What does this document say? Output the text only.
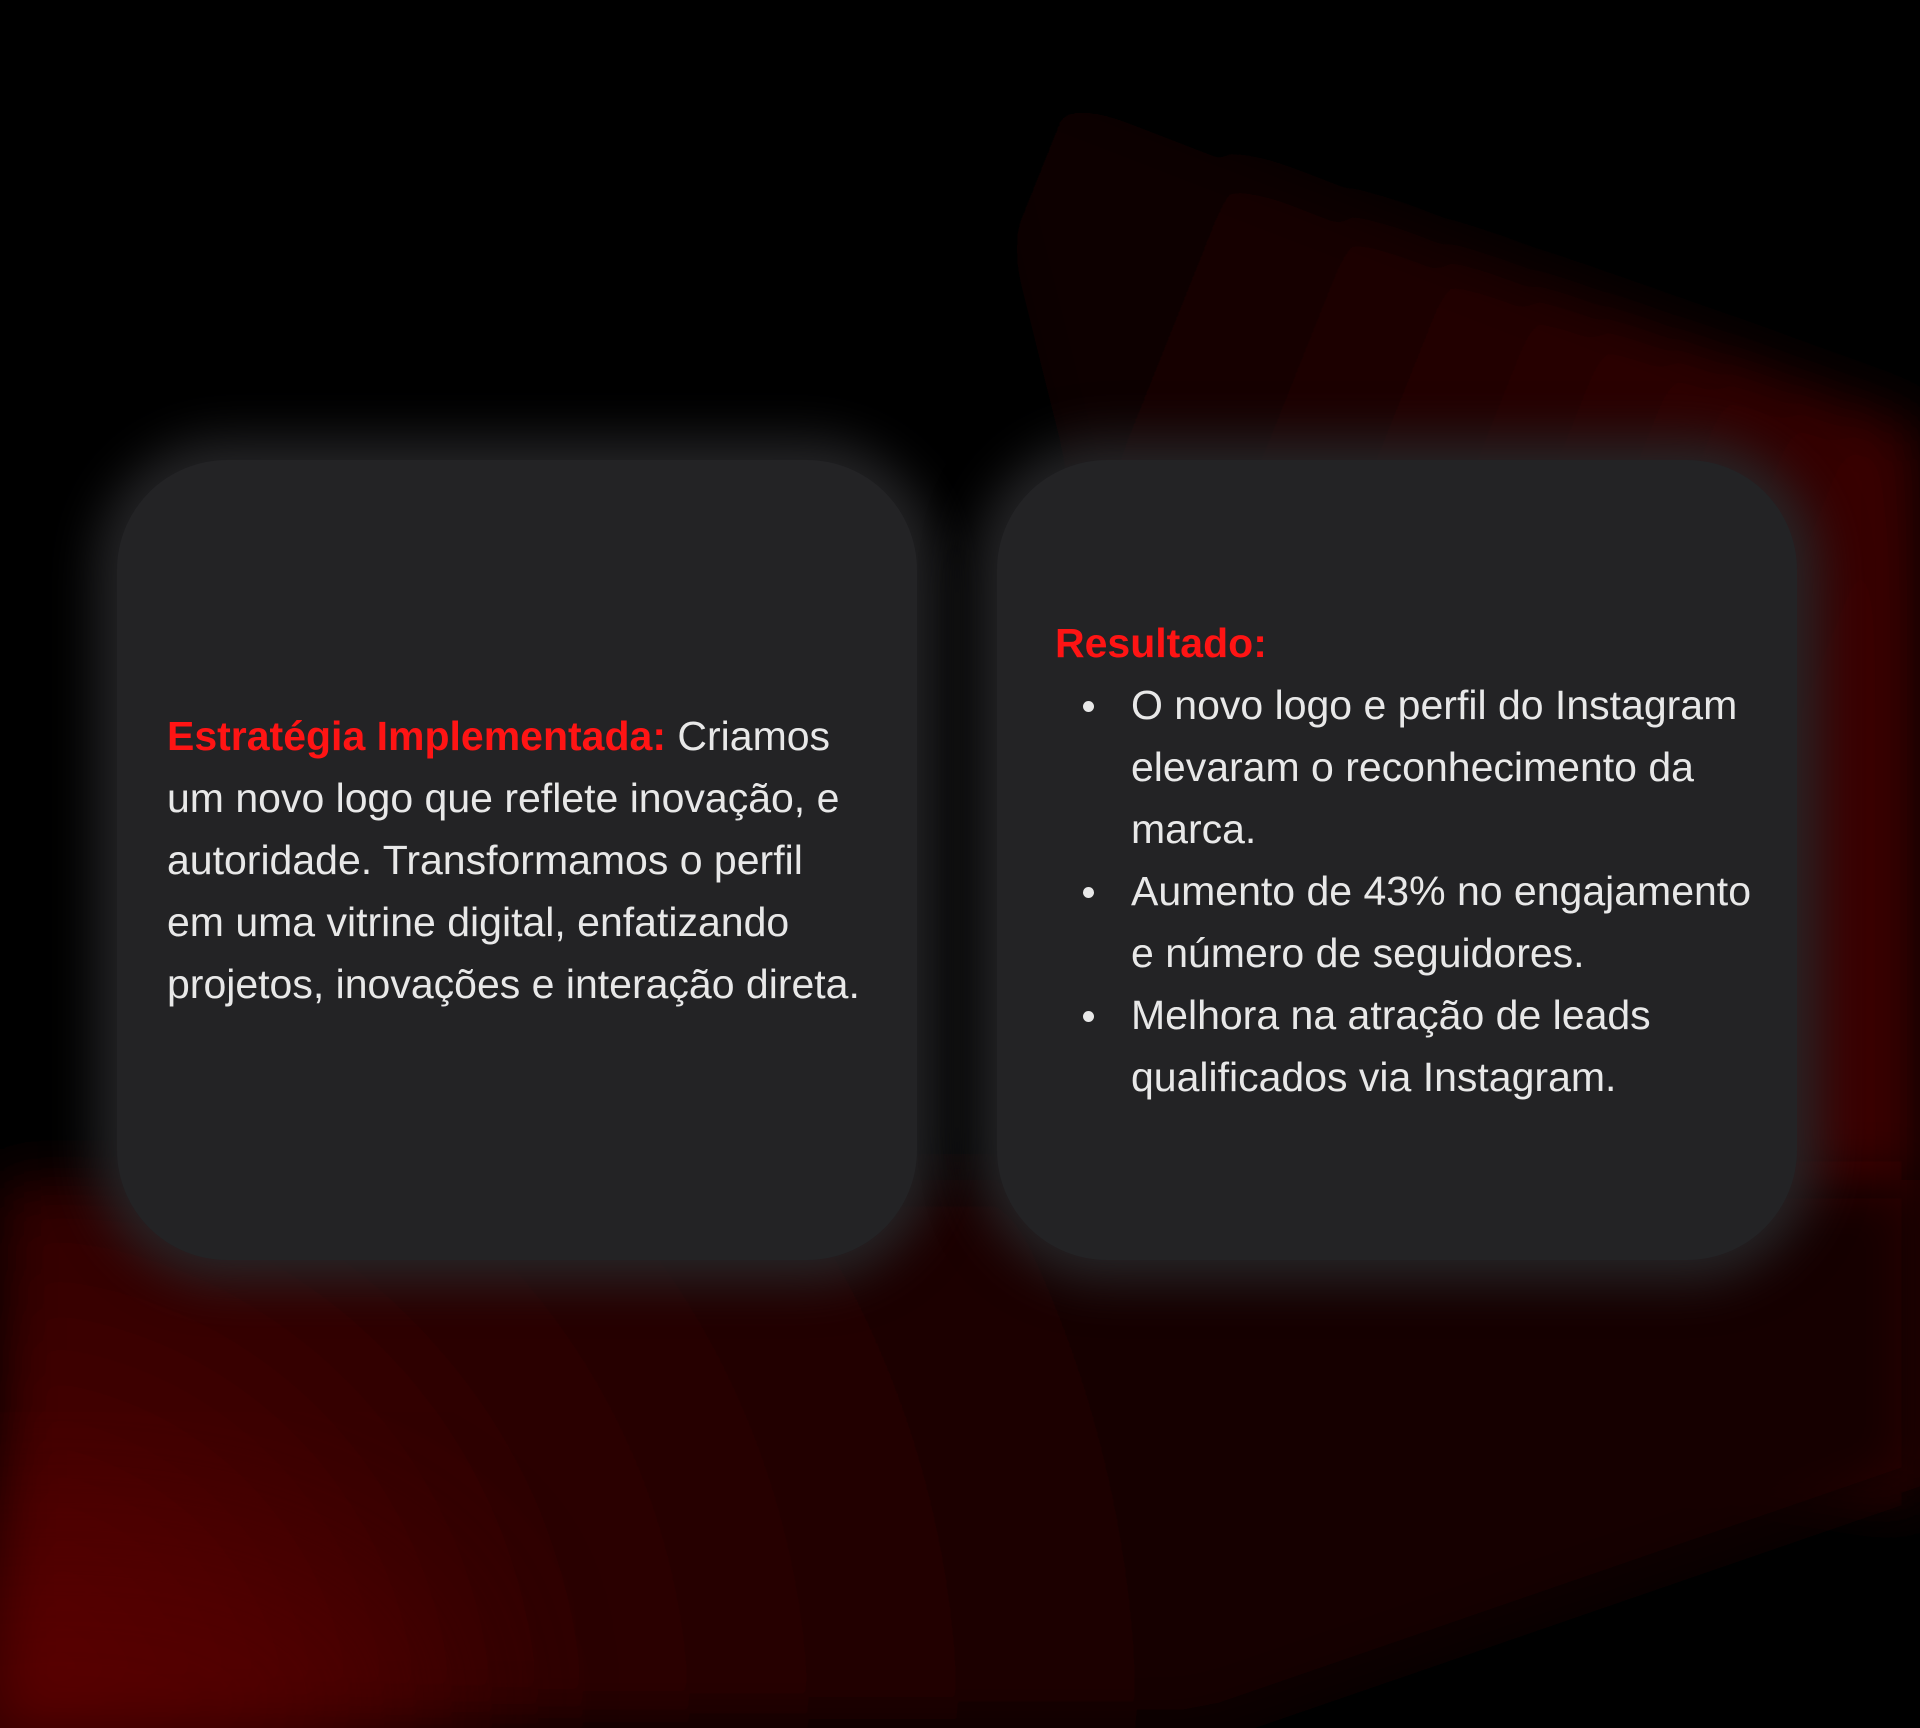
Estratégia Implementada: Criamos um novo logo que reflete inovação, e autoridade. Transformamos o perfil em uma vitrine digital, enfatizando projetos, inovações e interação direta.

Resultado:
O novo logo e perfil do Instagram elevaram o reconhecimento da marca.
Aumento de 43% no engajamento e número de seguidores.
Melhora na atração de leads qualificados via Instagram.
